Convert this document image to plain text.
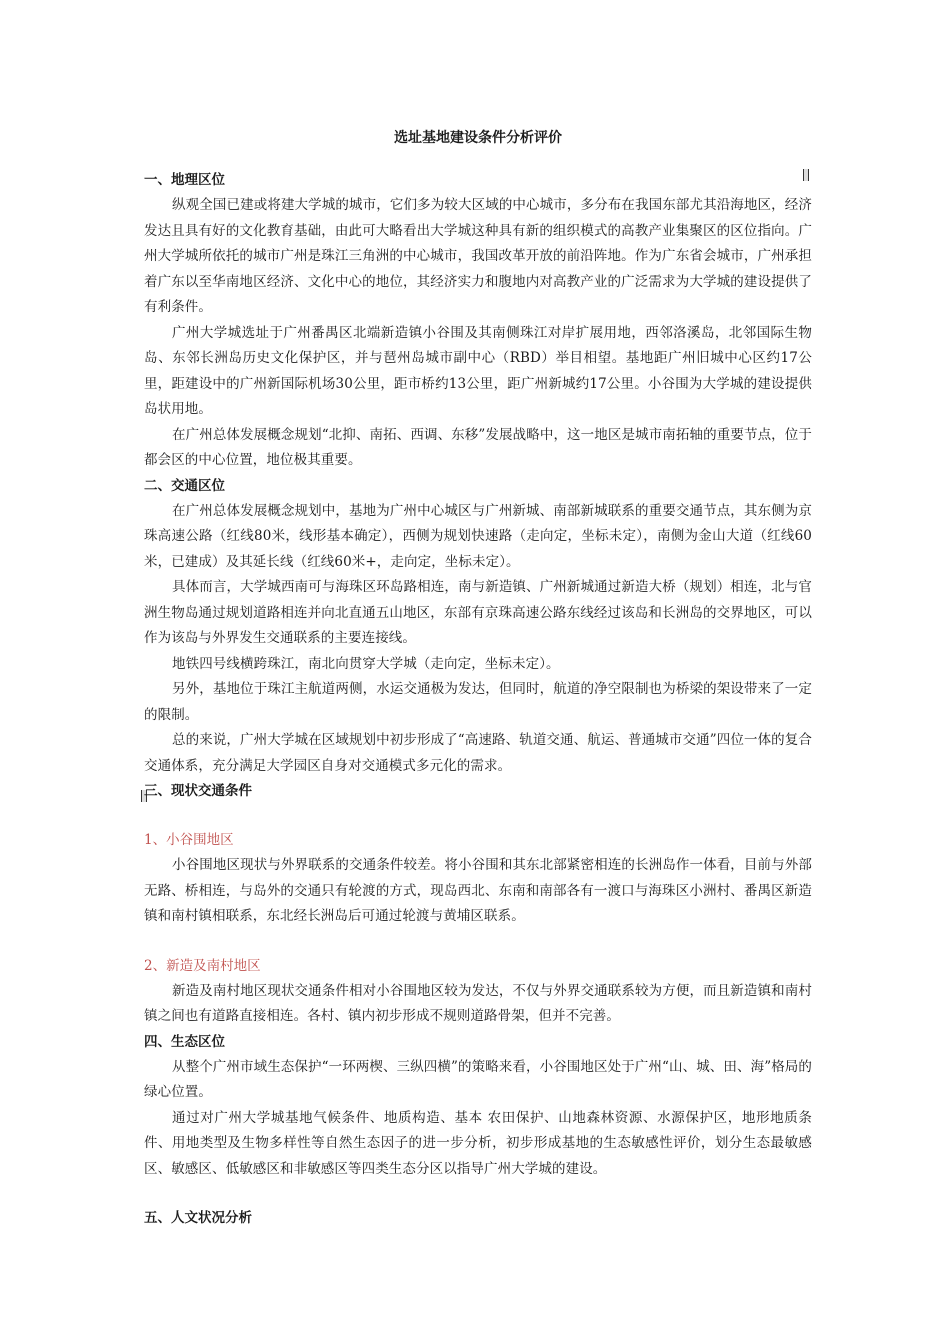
选址基地建设条件分析评价
一、地理区位

纵观全国已建或将建大学城的城市，它们多为较大区域的中心城市，多分布在我国东部尤其沿海地区，经济发达且具有好的文化教育基础，由此可大略看出大学城这种具有新的组织模式的高教产业集聚区的区位指向。广州大学城所依托的城市广州是珠江三角洲的中心城市，我国改革开放的前沿阵地。作为广东省会城市，广州承担着广东以至华南地区经济、文化中心的地位，其经济实力和腹地内对高教产业的广泛需求为大学城的建设提供了有利条件。

广州大学城选址于广州番禺区北端新造镇小谷围及其南侧珠江对岸扩展用地，西邻洛溪岛，北邻国际生物岛、东邻长洲岛历史文化保护区，并与琶州岛城市副中心（RBD）举目相望。基地距广州旧城中心区约17公里，距建设中的广州新国际机场30公里，距市桥约13公里，距广州新城约17公里。小谷围为大学城的建设提供岛状用地。

在广州总体发展概念规划“北抑、南拓、西调、东移”发展战略中，这一地区是城市南拓轴的重要节点，位于都会区的中心位置，地位极其重要。

二、交通区位

在广州总体发展概念规划中，基地为广州中心城区与广州新城、南部新城联系的重要交通节点，其东侧为京珠高速公路（红线80米，线形基本确定），西侧为规划快速路（走向定，坐标未定），南侧为金山大道（红线60米，已建成）及其延长线（红线60米+，走向定，坐标未定）。

具体而言，大学城西南可与海珠区环岛路相连，南与新造镇、广州新城通过新造大桥（规划）相连，北与官洲生物岛通过规划道路相连并向北直通五山地区，东部有京珠高速公路东线经过该岛和长洲岛的交界地区，可以作为该岛与外界发生交通联系的主要连接线。

地铁四号线横跨珠江，南北向贯穿大学城（走向定，坐标未定）。

另外，基地位于珠江主航道两侧，水运交通极为发达，但同时，航道的净空限制也为桥梁的架设带来了一定的限制。

总的来说，广州大学城在区域规划中初步形成了“高速路、轨道交通、航运、普通城市交通”四位一体的复合交通体系，充分满足大学园区自身对交通模式多元化的需求。

三、现状交通条件
1、小谷围地区

小谷围地区现状与外界联系的交通条件较差。将小谷围和其东北部紧密相连的长洲岛作一体看，目前与外部无路、桥相连，与岛外的交通只有轮渡的方式，现岛西北、东南和南部各有一渡口与海珠区小洲村、番禺区新造镇和南村镇相联系，东北经长洲岛后可通过轮渡与黄埔区联系。

2、新造及南村地区

新造及南村地区现状交通条件相对小谷围地区较为发达，不仅与外界交通联系较为方便，而且新造镇和南村镇之间也有道路直接相连。各村、镇内初步形成不规则道路骨架，但并不完善。

四、生态区位

从整个广州市域生态保护“一环两楔、三纵四横”的策略来看，小谷围地区处于广州“山、城、田、海”格局的绿心位置。

通过对广州大学城基地气候条件、地质构造、基本 农田保护、山地森林资源、水源保护区，地形地质条件、用地类型及生物多样性等自然生态因子的进一步分析，初步形成基地的生态敏感性评价，划分生态最敏感区、敏感区、低敏感区和非敏感区等四类生态分区以指导广州大学城的建设。

五、人文状况分析
